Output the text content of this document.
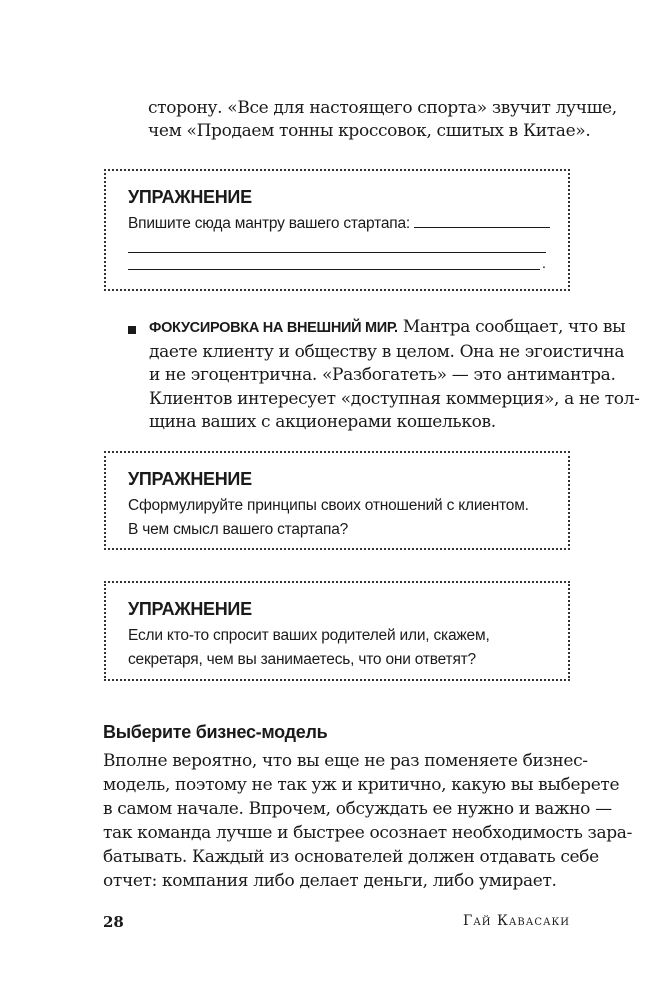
сторону. «Все для настоящего спорта» звучит лучше,
чем «Продаем тонны кроссовок, сшитых в Китае».
УПРАЖНЕНИЕ
Впишите сюда мантру вашего стартапа:
.
ФОКУСИРОВКА НА ВНЕШНИЙ МИР. Мантра сообщает, что вы
даете клиенту и обществу в целом. Она не эгоистична
и не эгоцентрична. «Разбогатеть» — это антимантра.
Клиентов интересует «доступная коммерция», а не тол-
щина ваших с акционерами кошельков.
УПРАЖНЕНИЕ
Сформулируйте принципы своих отношений с клиентом.
В чем смысл вашего стартапа?
УПРАЖНЕНИЕ
Если кто-то спросит ваших родителей или, скажем,
секретаря, чем вы занимаетесь, что они ответят?
Выберите бизнес-модель
Вполне вероятно, что вы еще не раз поменяете бизнес-
модель, поэтому не так уж и критично, какую вы выберете
в самом начале. Впрочем, обсуждать ее нужно и важно —
так команда лучше и быстрее осознает необходимость зара-
батывать. Каждый из основателей должен отдавать себе
отчет: компания либо делает деньги, либо умирает.
28	Гай Кавасаки
